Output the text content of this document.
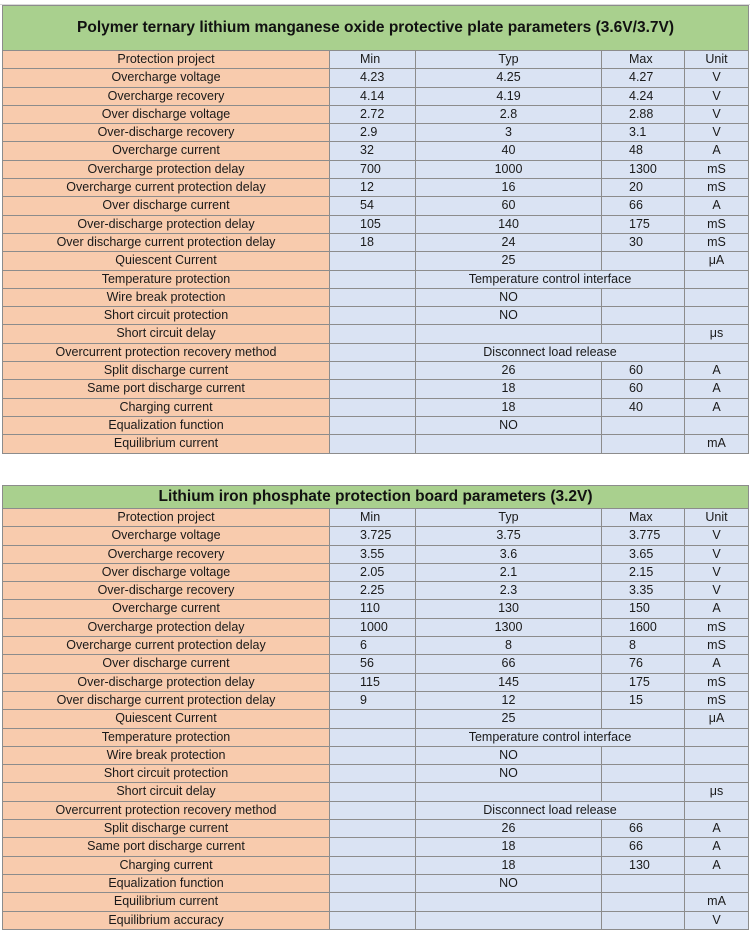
Polymer ternary lithium manganese oxide protective plate parameters (3.6V/3.7V)				
Protection project	Min	Typ	Max	Unit
Overcharge voltage	4.23	4.25	4.27	V
Overcharge recovery	4.14	4.19	4.24	V
Over discharge voltage	2.72	2.8	2.88	V
Over-discharge recovery	2.9	3	3.1	V
Overcharge current	32	40	48	A
Overcharge protection delay	700	1000	1300	mS
Overcharge current protection delay	12	16	20	mS
Over discharge current	54	60	66	A
Over-discharge protection delay	105	140	175	mS
Over discharge current protection delay	18	24	30	mS
Quiescent Current		25		μA
Temperature protection		Temperature control interface		
Wire break protection		NO		
Short circuit protection		NO		
Short circuit delay				μs
Overcurrent protection recovery method		Disconnect load release		
Split discharge current		26	60	A
Same port discharge current		18	60	A
Charging current		18	40	A
Equalization function		NO		
Equilibrium current				mA
Lithium iron phosphate protection board parameters (3.2V)				
Protection project	Min	Typ	Max	Unit
Overcharge voltage	3.725	3.75	3.775	V
Overcharge recovery	3.55	3.6	3.65	V
Over discharge voltage	2.05	2.1	2.15	V
Over-discharge recovery	2.25	2.3	3.35	V
Overcharge current	110	130	150	A
Overcharge protection delay	1000	1300	1600	mS
Overcharge current protection delay	6	8	8	mS
Over discharge current	56	66	76	A
Over-discharge protection delay	115	145	175	mS
Over discharge current protection delay	9	12	15	mS
Quiescent Current		25		μA
Temperature protection		Temperature control interface		
Wire break protection		NO		
Short circuit protection		NO		
Short circuit delay				μs
Overcurrent protection recovery method		Disconnect load release		
Split discharge current		26	66	A
Same port discharge current		18	66	A
Charging current		18	130	A
Equalization function		NO		
Equilibrium current				mA
Equilibrium accuracy				V
